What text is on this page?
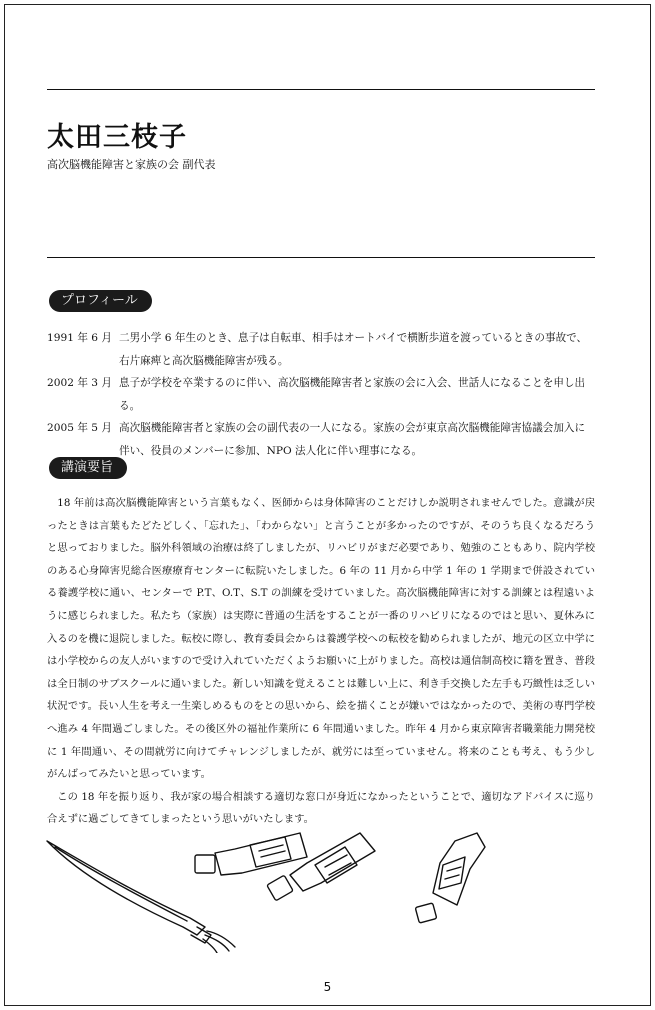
太田三枝子
高次脳機能障害と家族の会 副代表
プロフィール
1991 年 6 月 二男小学 6 年生のとき、息子は自転車、相手はオートバイで横断歩道を渡っているときの事故で、右片麻痺と高次脳機能障害が残る。
2002 年 3 月 息子が学校を卒業するのに伴い、高次脳機能障害者と家族の会に入会、世話人になることを申し出る。
2005 年 5 月 高次脳機能障害者と家族の会の副代表の一人になる。家族の会が東京高次脳機能障害協議会加入に伴い、役員のメンバーに参加、NPO 法人化に伴い理事になる。
講演要旨

18 年前は高次脳機能障害という言葉もなく、医師からは身体障害のことだけしか説明されませんでした。意識が戻ったときは言葉もたどたどしく、「忘れた」、「わからない」と言うことが多かったのですが、そのうち良くなるだろうと思っておりました。脳外科領域の治療は終了しましたが、リハビリがまだ必要であり、勉強のこともあり、院内学校のある心身障害児総合医療療育センターに転院いたしました。6 年の 11 月から中学 1 年の 1 学期まで併設されている養護学校に通い、センターで P.T、O.T、S.T の訓練を受けていました。高次脳機能障害に対する訓練とは程遠いように感じられました。私たち（家族）は実際に普通の生活をすることが一番のリハビリになるのではと思い、夏休みに入るのを機に退院しました。転校に際し、教育委員会からは養護学校への転校を勧められましたが、地元の区立中学には小学校からの友人がいますので受け入れていただくようお願いに上がりました。高校は通信制高校に籍を置き、普段は全日制のサブスクールに通いました。新しい知識を覚えることは難しい上に、利き手交換した左手も巧緻性は乏しい状況です。長い人生を考え一生楽しめるものをとの思いから、絵を描くことが嫌いではなかったので、美術の専門学校へ進み 4 年間過ごしました。その後区外の福祉作業所に 6 年間通いました。昨年 4 月から東京障害者職業能力開発校に 1 年間通い、その間就労に向けてチャレンジしましたが、就労には至っていません。将来のことも考え、もう少しがんばってみたいと思っています。

この 18 年を振り返り、我が家の場合相談する適切な窓口が身近になかったということで、適切なアドバイスに巡り合えずに過ごしてきてしまったという思いがいたします。

5
